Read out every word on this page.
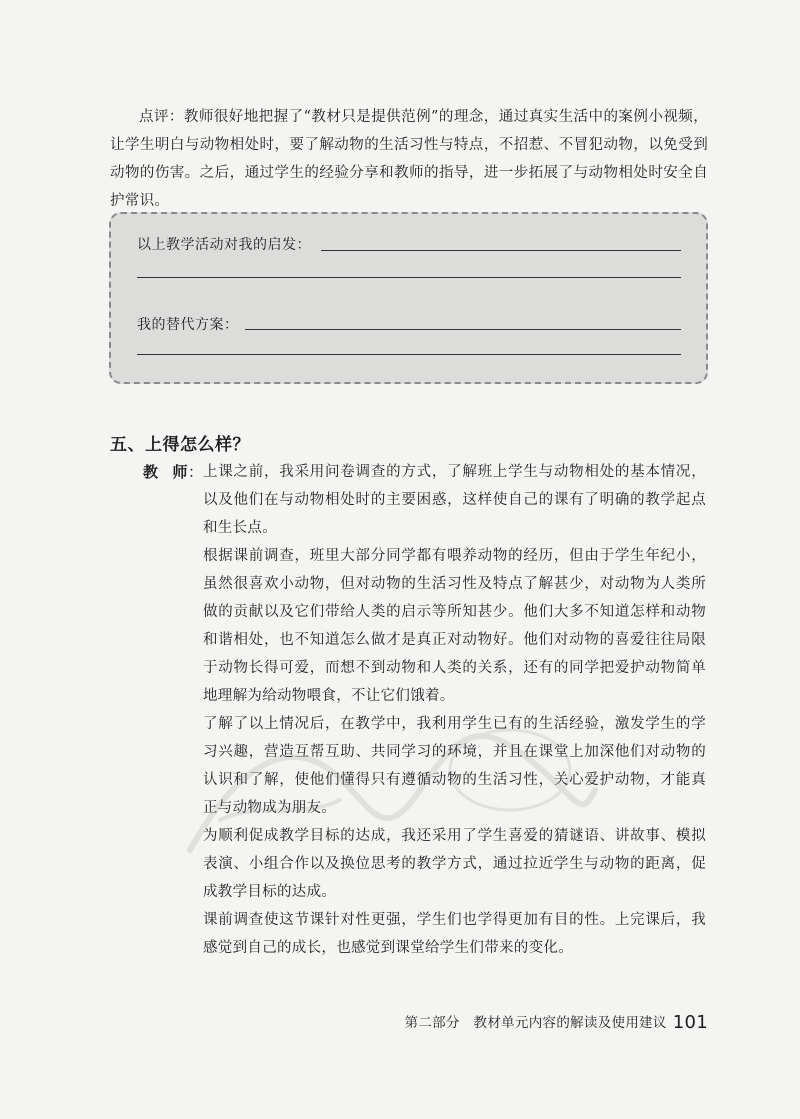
点评：教师很好地把握了“教材只是提供范例”的理念，通过真实生活中的案例小视频，让学生明白与动物相处时，要了解动物的生活习性与特点，不招惹、不冒犯动物，以免受到动物的伤害。之后，通过学生的经验分享和教师的指导，进一步拓展了与动物相处时安全自护常识。
以上教学活动对我的启发：
我的替代方案：
五、上得怎么样？
教 师： 上课之前，我采用问卷调查的方式，了解班上学生与动物相处的基本情况，以及他们在与动物相处时的主要困惑，这样使自己的课有了明确的教学起点和生长点。

根据课前调查，班里大部分同学都有喂养动物的经历，但由于学生年纪小，虽然很喜欢小动物，但对动物的生活习性及特点了解甚少，对动物为人类所做的贡献以及它们带给人类的启示等所知甚少。他们大多不知道怎样和动物和谐相处，也不知道怎么做才是真正对动物好。他们对动物的喜爱往往局限于动物长得可爱，而想不到动物和人类的关系，还有的同学把爱护动物简单地理解为给动物喂食，不让它们饿着。

了解了以上情况后，在教学中，我利用学生已有的生活经验，激发学生的学习兴趣，营造互帮互助、共同学习的环境，并且在课堂上加深他们对动物的认识和了解，使他们懂得只有遵循动物的生活习性，关心爱护动物，才能真正与动物成为朋友。

为顺利促成教学目标的达成，我还采用了学生喜爱的猜谜语、讲故事、模拟表演、小组合作以及换位思考的教学方式，通过拉近学生与动物的距离，促成教学目标的达成。

课前调查使这节课针对性更强，学生们也学得更加有目的性。上完课后，我感觉到自己的成长，也感觉到课堂给学生们带来的变化。

第二部分　教材单元内容的解读及使用建议 101
